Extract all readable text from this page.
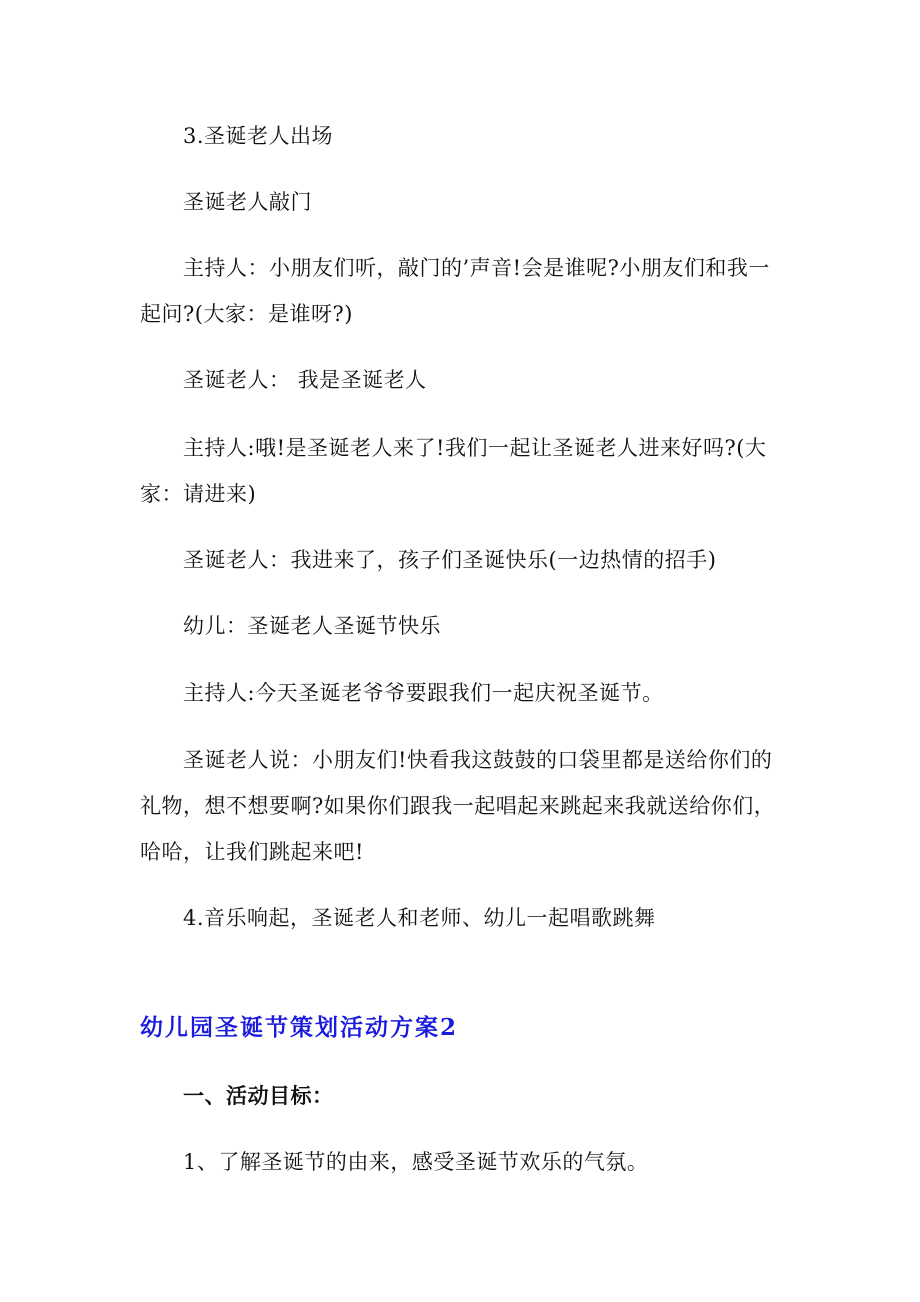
3.圣诞老人出场
圣诞老人敲门
主持人：小朋友们听，敲门的’声音!会是谁呢?小朋友们和我一
起问?(大家：是谁呀?)
圣诞老人： 我是圣诞老人
主持人:哦!是圣诞老人来了!我们一起让圣诞老人进来好吗?(大
家：请进来)
圣诞老人：我进来了，孩子们圣诞快乐(一边热情的招手)
幼儿：圣诞老人圣诞节快乐
主持人:今天圣诞老爷爷要跟我们一起庆祝圣诞节。
圣诞老人说：小朋友们!快看我这鼓鼓的口袋里都是送给你们的
礼物，想不想要啊?如果你们跟我一起唱起来跳起来我就送给你们，
哈哈，让我们跳起来吧!
4.音乐响起，圣诞老人和老师、幼儿一起唱歌跳舞
幼儿园圣诞节策划活动方案2
一、活动目标：
1、了解圣诞节的由来，感受圣诞节欢乐的气氛。
